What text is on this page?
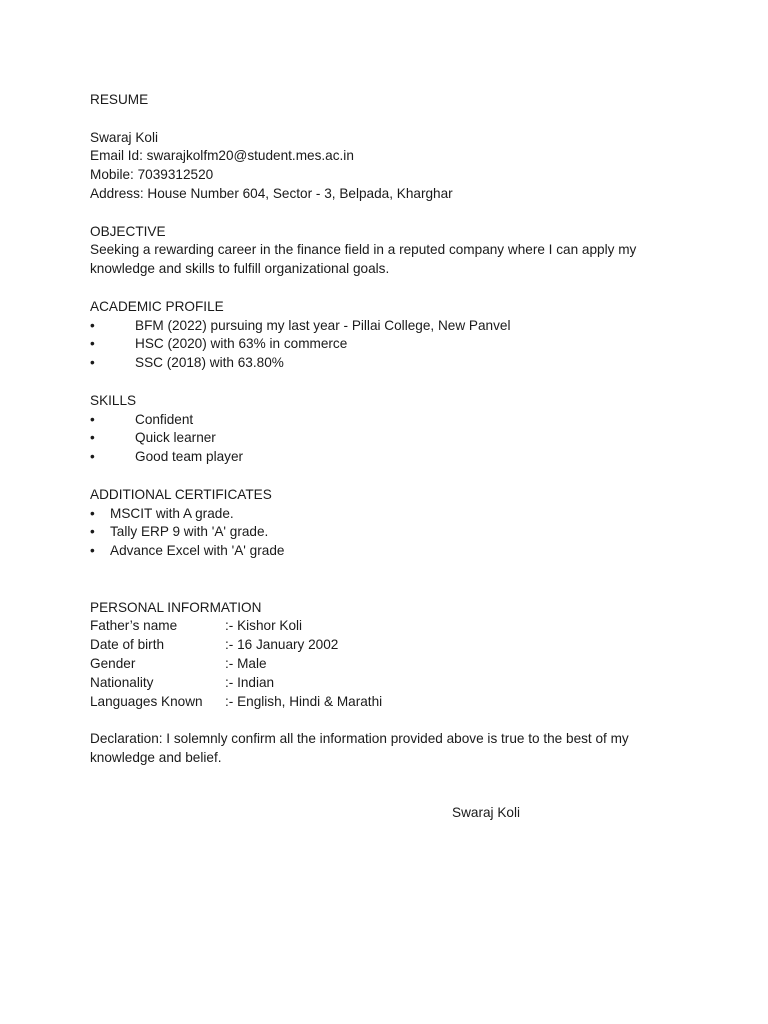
RESUME
Swaraj Koli
Email Id: swarajkolfm20@student.mes.ac.in
Mobile: 7039312520
Address: House Number 604, Sector - 3, Belpada, Kharghar
OBJECTIVE
Seeking a rewarding career in the finance field in a reputed company where I can apply my knowledge and skills to fulfill organizational goals.
ACADEMIC PROFILE
•	BFM (2022) pursuing my last year - Pillai College, New Panvel
•	HSC (2020) with 63% in commerce
•	SSC (2018) with 63.80%
SKILLS
•	Confident
•	Quick learner
•	Good team player
ADDITIONAL CERTIFICATES
•	MSCIT with A grade.
•	Tally ERP 9 with 'A' grade.
•	Advance Excel with 'A' grade
PERSONAL INFORMATION
Father’s name	:- Kishor Koli
Date of birth	:- 16 January 2002
Gender	:- Male
Nationality	:- Indian
Languages Known	:- English, Hindi & Marathi
Declaration: I solemnly confirm all the information provided above is true to the best of my knowledge and belief.
Swaraj Koli
